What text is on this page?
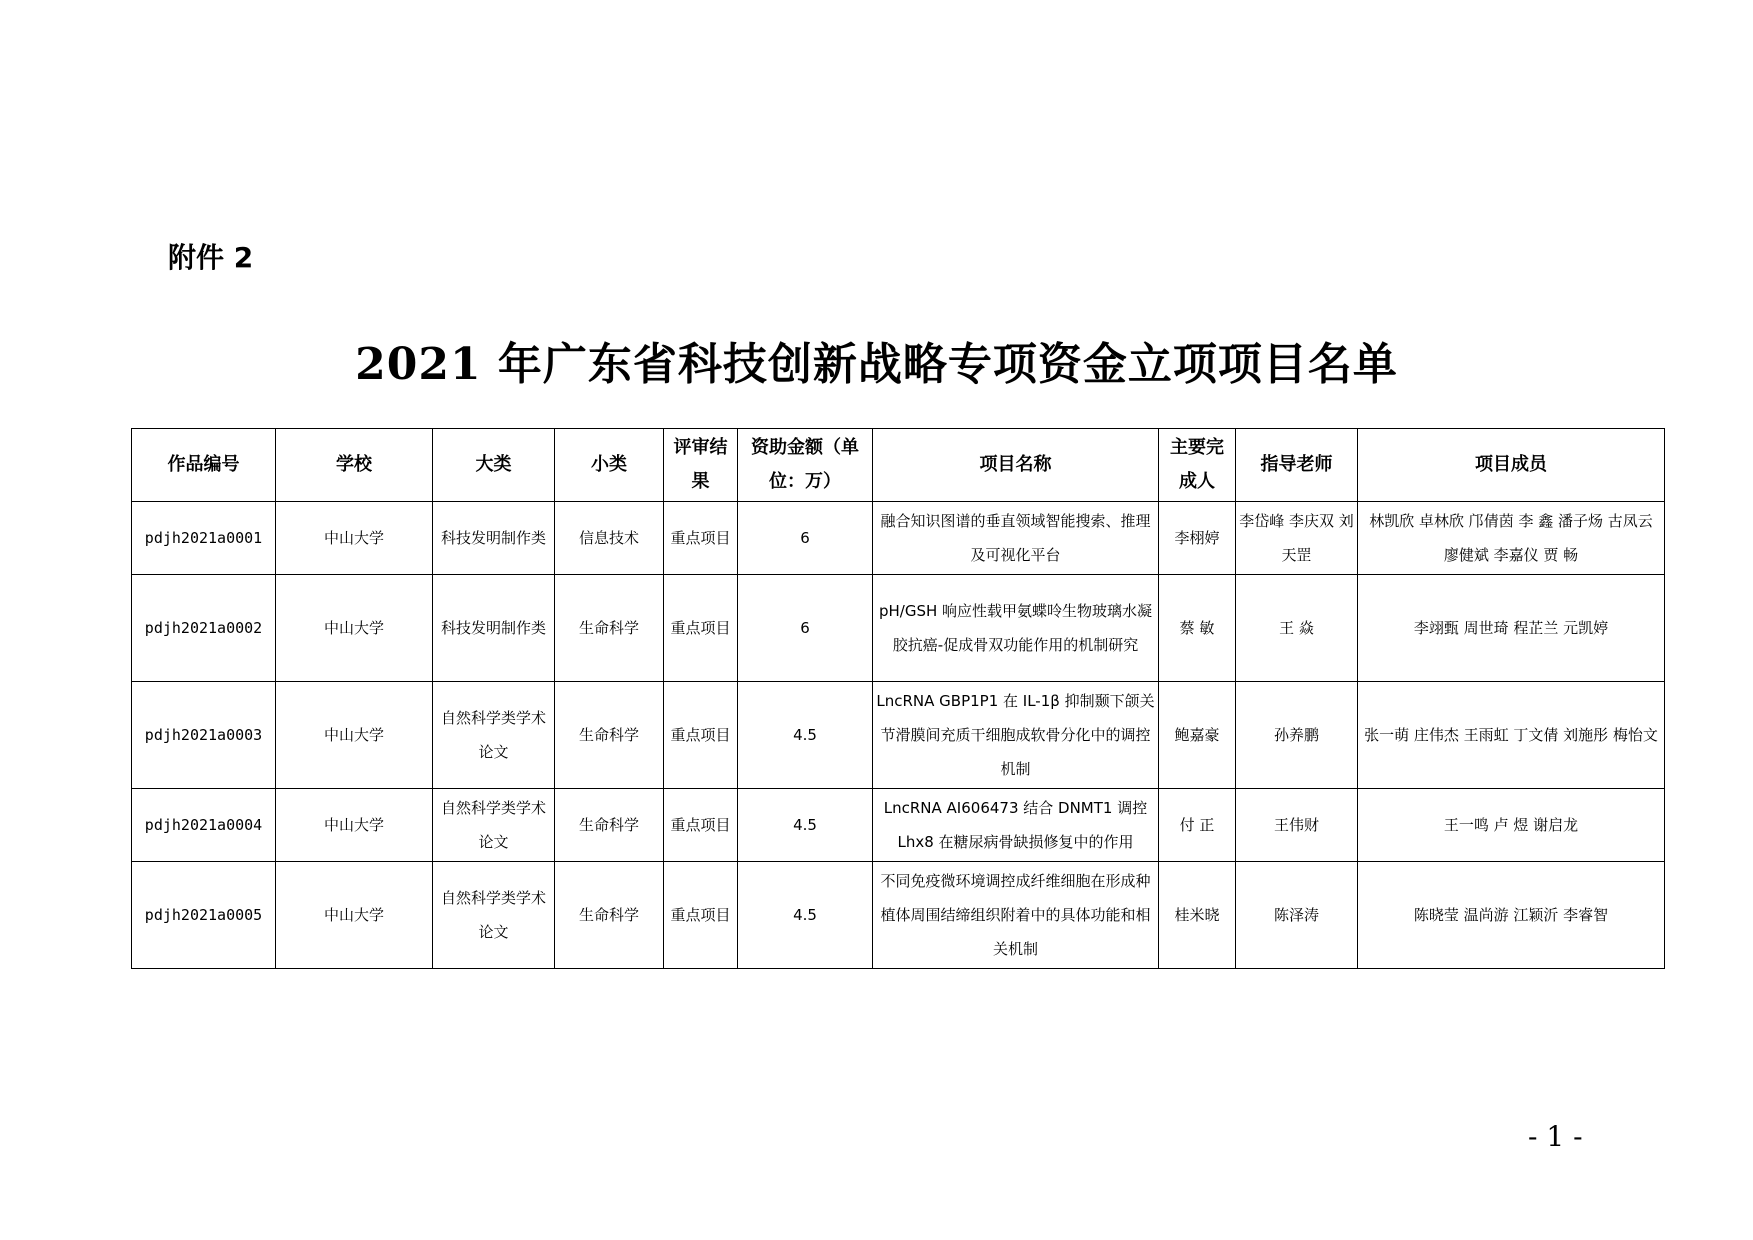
附件 2
2021 年广东省科技创新战略专项资金立项项目名单
作品编号	学校	大类	小类	评审结果	资助金额（单位：万）	项目名称	主要完成人	指导老师	项目成员
pdjh2021a0001	中山大学	科技发明制作类	信息技术	重点项目	6	融合知识图谱的垂直领域智能搜索、推理及可视化平台	李栩婷	李岱峰 李庆双 刘天罡	林凯欣 卓林欣 邝倩茵 李 鑫 潘子炀 古凤云 廖健斌 李嘉仪 贾 畅
pdjh2021a0002	中山大学	科技发明制作类	生命科学	重点项目	6	pH/GSH 响应性载甲氨蝶呤生物玻璃水凝胶抗癌-促成骨双功能作用的机制研究	蔡 敏	王 焱	李翊甄 周世琦 程芷兰 元凯婷
pdjh2021a0003	中山大学	自然科学类学术论文	生命科学	重点项目	4.5	LncRNA GBP1P1 在 IL-1β 抑制颞下颌关节滑膜间充质干细胞成软骨分化中的调控机制	鲍嘉豪	孙养鹏	张一萌 庄伟杰 王雨虹 丁文倩 刘施彤 梅怡文
pdjh2021a0004	中山大学	自然科学类学术论文	生命科学	重点项目	4.5	LncRNA AI606473 结合 DNMT1 调控 Lhx8 在糖尿病骨缺损修复中的作用	付 正	王伟财	王一鸣 卢 煜 谢启龙
pdjh2021a0005	中山大学	自然科学类学术论文	生命科学	重点项目	4.5	不同免疫微环境调控成纤维细胞在形成种植体周围结缔组织附着中的具体功能和相关机制	桂米晓	陈泽涛	陈晓莹 温尚游 江颖沂 李睿智
- 1 -
